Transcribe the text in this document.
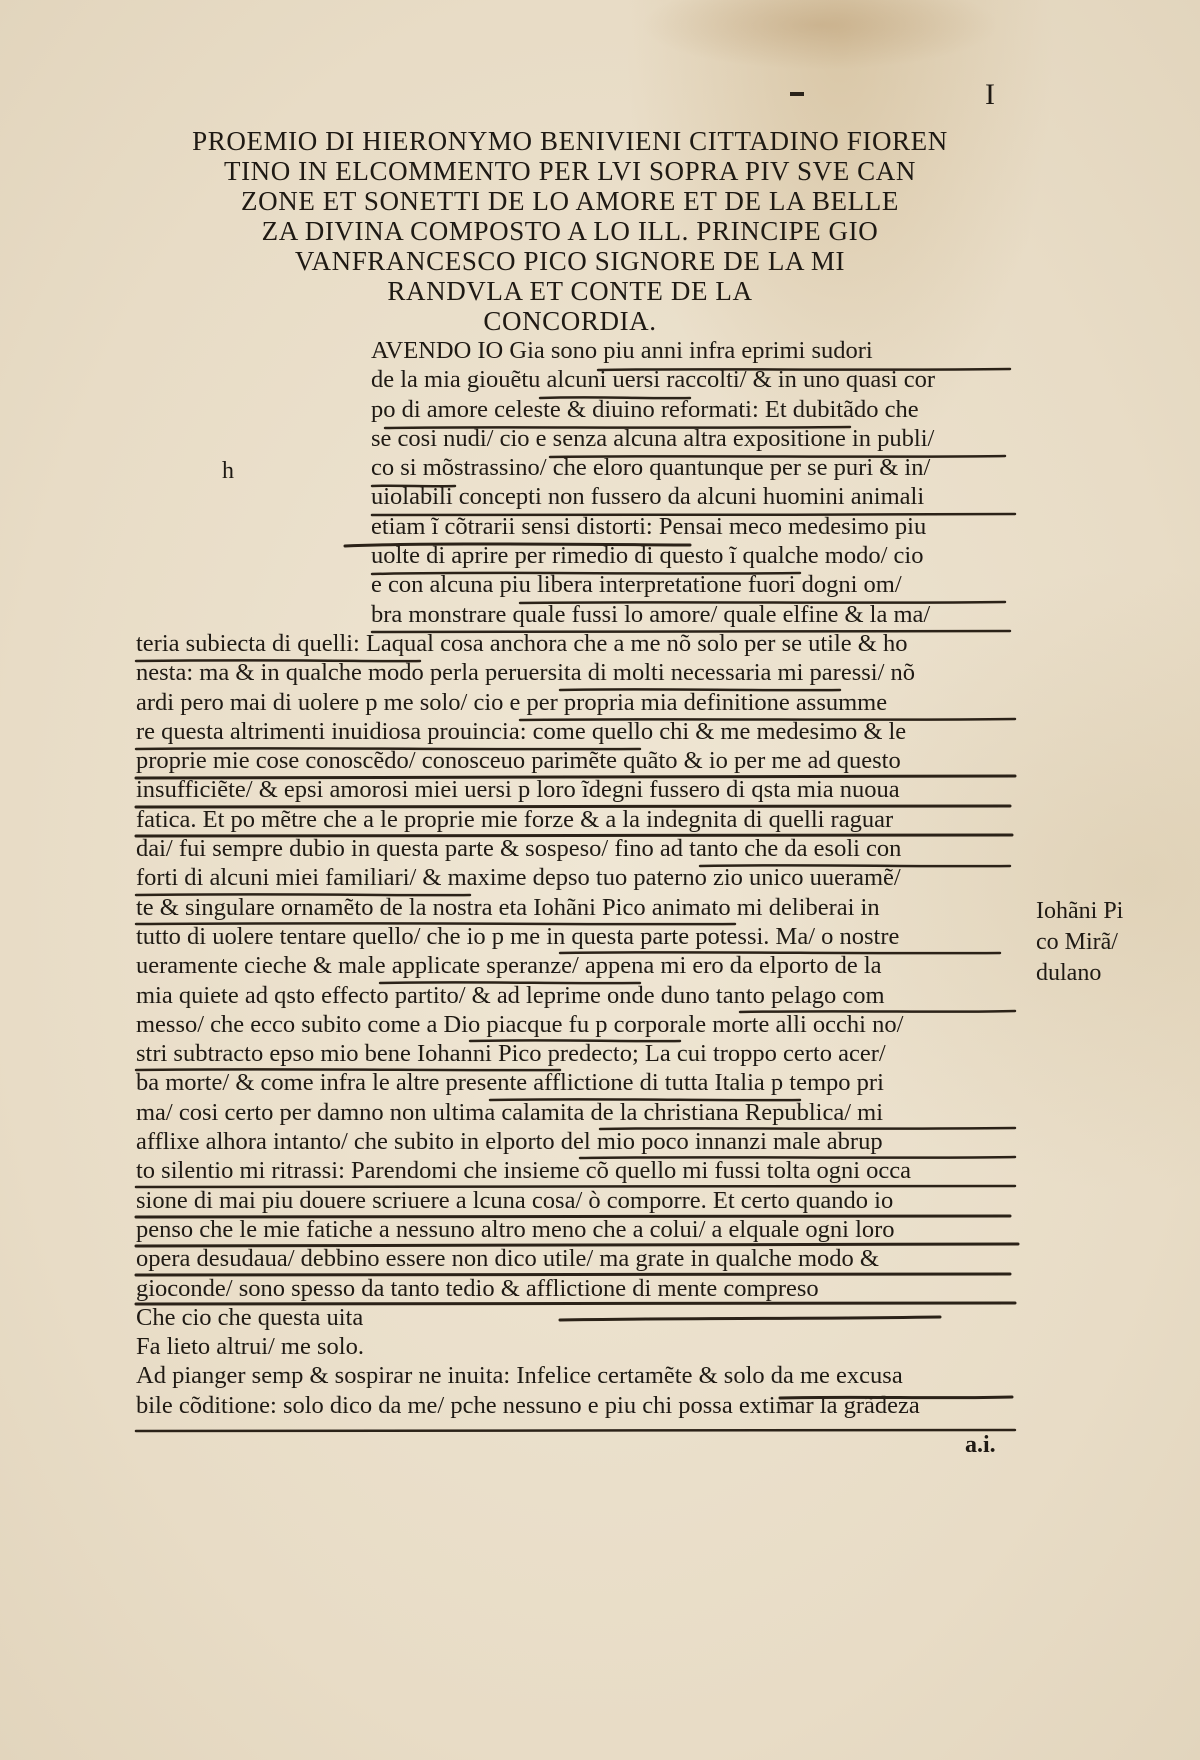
I
PROEMIO DI HIERONYMO BENIVIENI CITTADINO FIOREN
TINO IN ELCOMMENTO PER LVI SOPRA PIV SVE CAN
ZONE ET SONETTI DE LO AMORE ET DE LA BELLE
ZA DIVINA COMPOSTO A LO ILL. PRINCIPE GIO
VANFRANCESCO PICO SIGNORE DE LA MI
RANDVLA ET CONTE DE LA
CONCORDIA.
h
AVENDO IO Gia sono piu anni infra eprimi sudori
de la mia giouẽtu alcuni uersi raccolti/ & in uno quasi cor
po di amore celeste & diuino reformati: Et dubitãdo che
se cosi nudi/ cio e senza alcuna altra expositione in publi/
co si mõstrassino/ che eloro quantunque per se puri & in/
uiolabili concepti non fussero da alcuni huomini animali
etiam ĩ cõtrarii sensi distorti: Pensai meco medesimo piu
uolte di aprire per rimedio di questo ĩ qualche modo/ cio
e con alcuna piu libera interpretatione fuori dogni om/
bra monstrare quale fussi lo amore/ quale elfine & la ma/
teria subiecta di quelli: Laqual cosa anchora che a me nõ solo per se utile & ho
nesta: ma & in qualche modo perla peruersita di molti necessaria mi paressi/ nõ
ardi pero mai di uolere p me solo/ cio e per propria mia definitione assumme
re questa altrimenti inuidiosa prouincia: come quello chi & me medesimo & le
proprie mie cose conoscẽdo/ conosceuo parimẽte quãto & io per me ad questo
insufficiẽte/ & epsi amorosi miei uersi p loro ĩdegni fussero di qsta mia nuoua
fatica. Et po mẽtre che a le proprie mie forze & a la indegnita di quelli raguar
dai/ fui sempre dubio in questa parte & sospeso/ fino ad tanto che da esoli con
forti di alcuni miei familiari/ & maxime depso tuo paterno zio unico uueramẽ/
te & singulare ornamẽto de la nostra eta Iohãni Pico animato mi deliberai in
tutto di uolere tentare quello/ che io p me in questa parte potessi. Ma/ o nostre
ueramente cieche & male applicate speranze/ appena mi ero da elporto de la
mia quiete ad qsto effecto partito/ & ad leprime onde duno tanto pelago com
messo/ che ecco subito come a Dio piacque fu p corporale morte alli occhi no/
stri subtracto epso mio bene Iohanni Pico predecto; La cui troppo certo acer/
ba morte/ & come infra le altre presente afflictione di tutta Italia p tempo pri
ma/ cosi certo per damno non ultima calamita de la christiana Republica/ mi
afflixe alhora intanto/ che subito in elporto del mio poco innanzi male abrup
to silentio mi ritrassi: Parendomi che insieme cõ quello mi fussi tolta ogni occa
sione di mai piu douere scriuere a lcuna cosa/ ò comporre. Et certo quando io
penso che le mie fatiche a nessuno altro meno che a colui/ a elquale ogni loro
opera desudaua/ debbino essere non dico utile/ ma grate in qualche modo &
gioconde/ sono spesso da tanto tedio & afflictione di mente compreso
Che cio che questa uita
Fa lieto altrui/ me solo.
Ad pianger semp & sospirar ne inuita: Infelice certamẽte & solo da me excusa
bile cõditione: solo dico da me/ pche nessuno e piu chi possa extimar la grãdeza
Iohãni Pi
co Mirã/
dulano
a.i.
